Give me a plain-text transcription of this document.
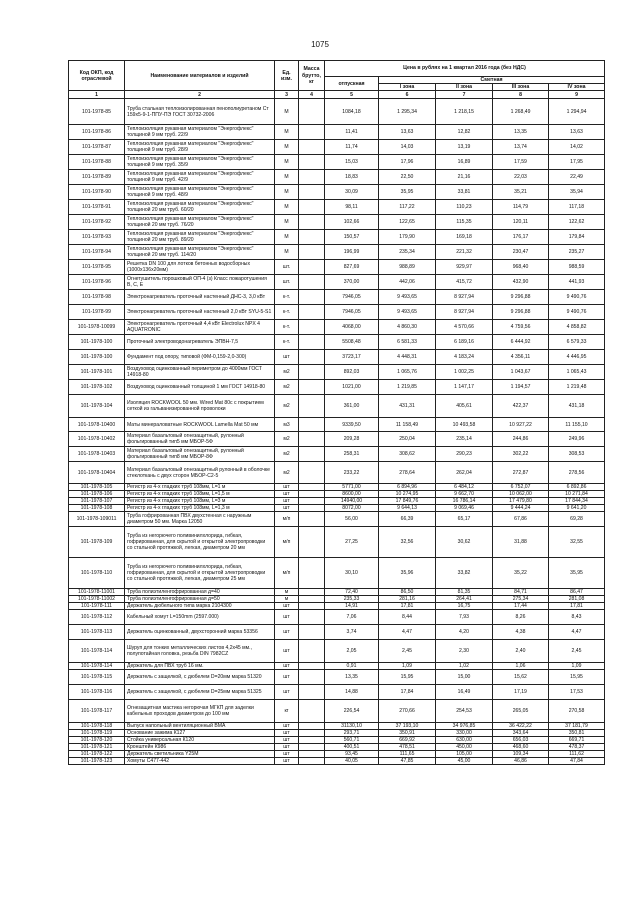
1075
Код ОКП, код отраслевой	Наименование материалов и изделий	Ед. изм.	Масса брутто, кг	Цена в рублях на 1 квартал 2016 года (без НДС)				
				отпускная	Сметная			
					I зона	II зона	III зона	IV зона
1	2	3	4	5	6	7	8	9
101-1978-85	Труба стальная теплоизолированная пенополиуретаном Ст 159х5-9-1-ППУ-ПЭ ГОСТ 30732-2006	М		1084,18	1 295,34	1 218,15	1 268,49	1 294,94
101-1978-86	Теплоизоляция рукавная материалом "Энергофлекс" толщиной 9 мм труб. 22/9	М		11,41	13,63	12,82	13,35	13,63
101-1978-87	Теплоизоляция рукавная материалом "Энергофлекс" толщиной 9 мм труб. 28/9	М		11,74	14,03	13,19	13,74	14,02
101-1978-88	Теплоизоляция рукавная материалом "Энергофлекс" толщиной 9 мм труб. 35/9	М		15,03	17,96	16,89	17,59	17,95
101-1978-89	Теплоизоляция рукавная материалом "Энергофлекс" толщиной 9 мм труб. 42/9	М		18,83	22,50	21,16	22,03	22,49
101-1978-90	Теплоизоляция рукавная материалом "Энергофлекс" толщиной 9 мм труб. 48/9	М		30,09	35,95	33,81	35,21	35,94
101-1978-91	Теплоизоляция рукавная материалом "Энергофлекс" толщиной 20 мм труб. 60/20	М		98,11	117,22	110,23	114,79	117,18
101-1978-92	Теплоизоляция рукавная материалом "Энергофлекс" толщиной 20 мм труб. 76/20	М		102,66	122,65	115,35	120,11	122,62
101-1978-93	Теплоизоляция рукавная материалом "Энергофлекс" толщиной 20 мм труб. 89/20	М		150,57	179,90	169,18	176,17	179,84
101-1978-94	Теплоизоляция рукавная материалом "Энергофлекс" толщиной 20 мм труб. 114/20	М		196,99	235,34	221,32	230,47	235,27
101-1978-95	Решетка DN 100 для лотков бетонных водосборных (1000х136х20мм)	шт.		827,69	988,89	929,97	968,40	988,59
101-1978-96	Огнетушитель порошковый ОП-4 (з) Класс пожаротушения В, С, Е	шт.		370,00	442,06	415,72	432,90	441,93
101-1978-98	Электронагреватель проточный настенный ДНС-3, 3,0 кВт	к-т.		7946,05	9 493,65	8 927,94	9 296,88	9 490,76
101-1978-99	Электронагреватель проточный настенный 2,0 кВт SYU-5-S1	к-т.		7946,05	9 493,65	8 927,94	9 296,88	9 490,76
101-1978-10099	Электронагреватель проточный 4,4 кВт Electrolux NPX 4 AQUATRONIC	к-т.		4068,00	4 860,30	4 570,66	4 759,56	4 858,82
101-1978-100	Проточный электроводонагреватель ЭПВН-7,5	к-т.		5508,48	6 581,33	6 189,16	6 444,92	6 579,33
101-1978-100	Фундамент под опору, типовой (ФМ-0,159-2,0-300)	шт		3723,17	4 448,31	4 183,24	4 356,11	4 446,95
101-1978-101	Воздуховод оцинкованный периметром до 4000мм ГОСТ 14918-80	м2		892,03	1 065,76	1 002,25	1 043,67	1 065,43
101-1978-102	Воздуховод оцинкованный толщиной 1 мм ГОСТ 14918-80	м2		1021,00	1 219,85	1 147,17	1 194,57	1 219,48
101-1978-104	Изоляция ROCKWOOL 50 мм. Wired Mat 80с с покрытием сеткой из гальванизированной проволоки	м2		361,00	431,31	405,61	422,37	431,18
101-1978-10400	Маты минераловатные ROCKWOOL Lamella Mat 50 мм	м3		9339,50	11 158,49	10 493,58	10 927,22	11 155,10
101-1978-10402	Материал базальтовый огнезащитный, рулонный фольгированный тип5 мм МБОР-5Ф	м2		209,28	250,04	235,14	244,86	249,96
101-1978-10403	Материал базальтовый огнезащитный, рулонный фольгированный тип8 мм МБОР-8Ф	м2		258,31	308,62	290,23	302,22	308,53
101-1978-10404	Материал базальтовый огнезащитный рулонный в оболочке стеклоткань с двух сторон МБОР-С2-5	м2		233,22	278,64	262,04	272,87	278,56
101-1978-105	Регистр из 4-х гладких труб 108мм, L=1 м	шт		5771,00	6 894,96	6 484,12	6 752,07	6 892,86
101-1978-106	Регистр из 4-х гладких труб 108мм, L=1,5 м	шт		8600,00	10 274,95	9 662,70	10 062,00	10 271,84
101-1978-107	Регистр из 4-х гладких труб 108мм, L=3 м	шт		14940,00	17 849,76	16 786,14	17 479,80	17 844,34
101-1978-108	Регистр из 4-х гладких труб 108мм, L=1,3 м	шт		8072,00	9 644,13	9 069,46	9 444,24	9 641,20
101-1978-109011	Труба гофрированная ПВХ двухстенная с наружным диаметром 50 мм. Марка 12050	м/п		56,00	66,39	65,17	67,86	69,28
101-1978-109	Труба из негорючего поливинилхлорида, гибкая, гофрированная, для скрытой и открытой электропроводки со стальной протяжкой, легкая, диаметром 20 мм	м/п		27,25	32,56	30,62	31,88	32,55
101-1978-110	Труба из негорючего поливинилхлорида, гибкая, гофрированная, для скрытой и открытой электропроводки со стальной протяжкой, легкая, диаметром 25 мм	м/п		30,10	35,96	33,82	35,22	35,95
101-1978-11001	Труба полиэтиленгофрированная д=40	м		72,40	86,50	81,35	84,71	86,47
101-1978-11002	Труба полиэтиленгофрированная д=50	м		235,33	281,16	264,41	275,34	281,08
101-1978-111	Держатель дюбельного типа марка 2104300	шт		14,91	17,81	16,75	17,44	17,81
101-1978-112	Кабельный хомут L=150mm (2597.000)	шт		7,06	8,44	7,93	8,26	8,43
101-1978-113	Держатель оцинкованный, двухсторонний марка 53356	шт		3,74	4,47	4,20	4,38	4,47
101-1978-114	Шуруп для тонких металлических листов 4,2х45 мм., полупотайная головка, резьба DIN 7982CZ	шт		2,05	2,45	2,30	2,40	2,45
101-1978-114	Держатель для ПВХ труб 16 мм.	шт		0,91	1,09	1,02	1,06	1,09
101-1978-115	Держатель с защелкой, с дюбелем D=20мм марка 51320	шт		13,35	15,95	15,00	15,62	15,95
101-1978-116	Держатель с защелкой, с дюбелем D=25мм марка 51325	шт		14,88	17,84	16,49	17,19	17,53
101-1978-117	Огнезащитная мастика негорючая МГКП для заделки кабельных проходов диаметром до 100 мм	кг		226,54	270,66	254,53	265,05	270,58
101-1978-118	Выпуск напольный вентиляционный ВМА	шт		31130,10	37 193,10	34 976,85	36 422,22	37 181,79
101-1978-119	Основание зажима К127	шт		293,71	350,91	330,00	343,64	350,81
101-1978-120	Стойка универсальная К120	шт		560,71	669,92	630,00	656,03	669,71
101-1978-121	Кронштейн К986	шт		400,51	478,51	450,00	468,60	478,37
101-1978-122	Держатель светильника Y25М	шт		93,45	111,65	105,00	109,34	111,62
101-1978-123	Хомуты С477-442	шт		40,05	47,85	45,00	46,86	47,84
